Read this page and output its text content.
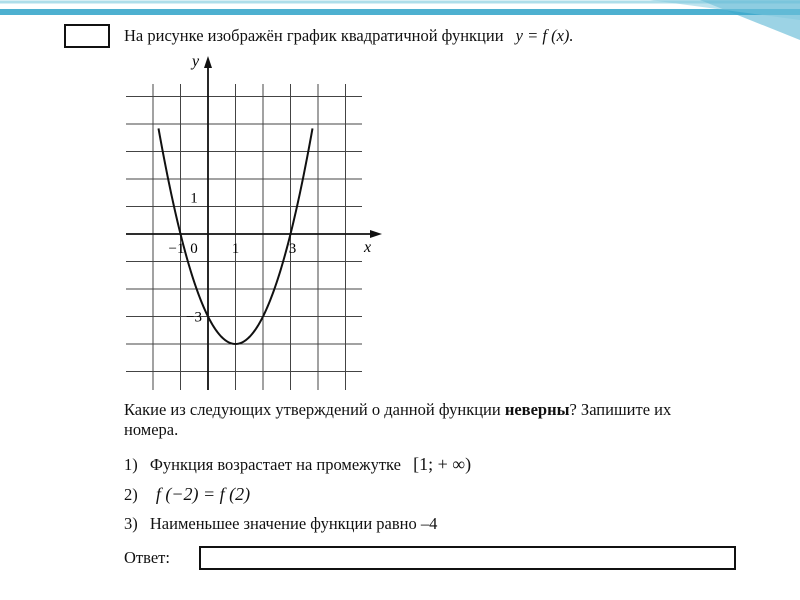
На рисунке изображён график квадратичной функции y = f (x).
x
y
−1 0 1	3
1
−3
Какие из следующих утверждений о данной функции неверны? Запишите их
номера.
1) Функция возрастает на промежутке [1; + ∞)
2) f (−2) = f (2)
3) Наименьшее значение функции равно –4
Ответ:
